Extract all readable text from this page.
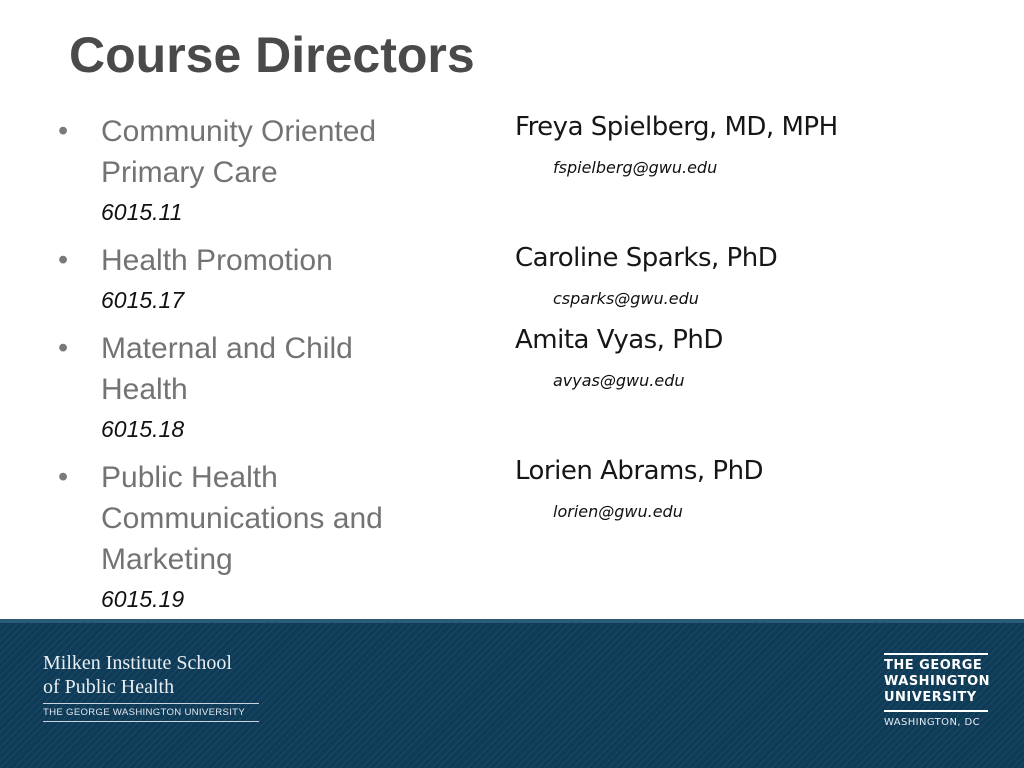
Course Directors
• Community Oriented Primary Care
6015.11
• Health Promotion
6015.17
• Maternal and Child Health
6015.18
• Public Health Communications and Marketing
6015.19
Freya Spielberg, MD, MPH
fspielberg@gwu.edu
Caroline Sparks, PhD
csparks@gwu.edu
Amita Vyas, PhD
avyas@gwu.edu
Lorien Abrams, PhD
lorien@gwu.edu
Milken Institute School
of Public Health
THE GEORGE WASHINGTON UNIVERSITY
THE GEORGE
WASHINGTON
UNIVERSITY
WASHINGTON, DC
